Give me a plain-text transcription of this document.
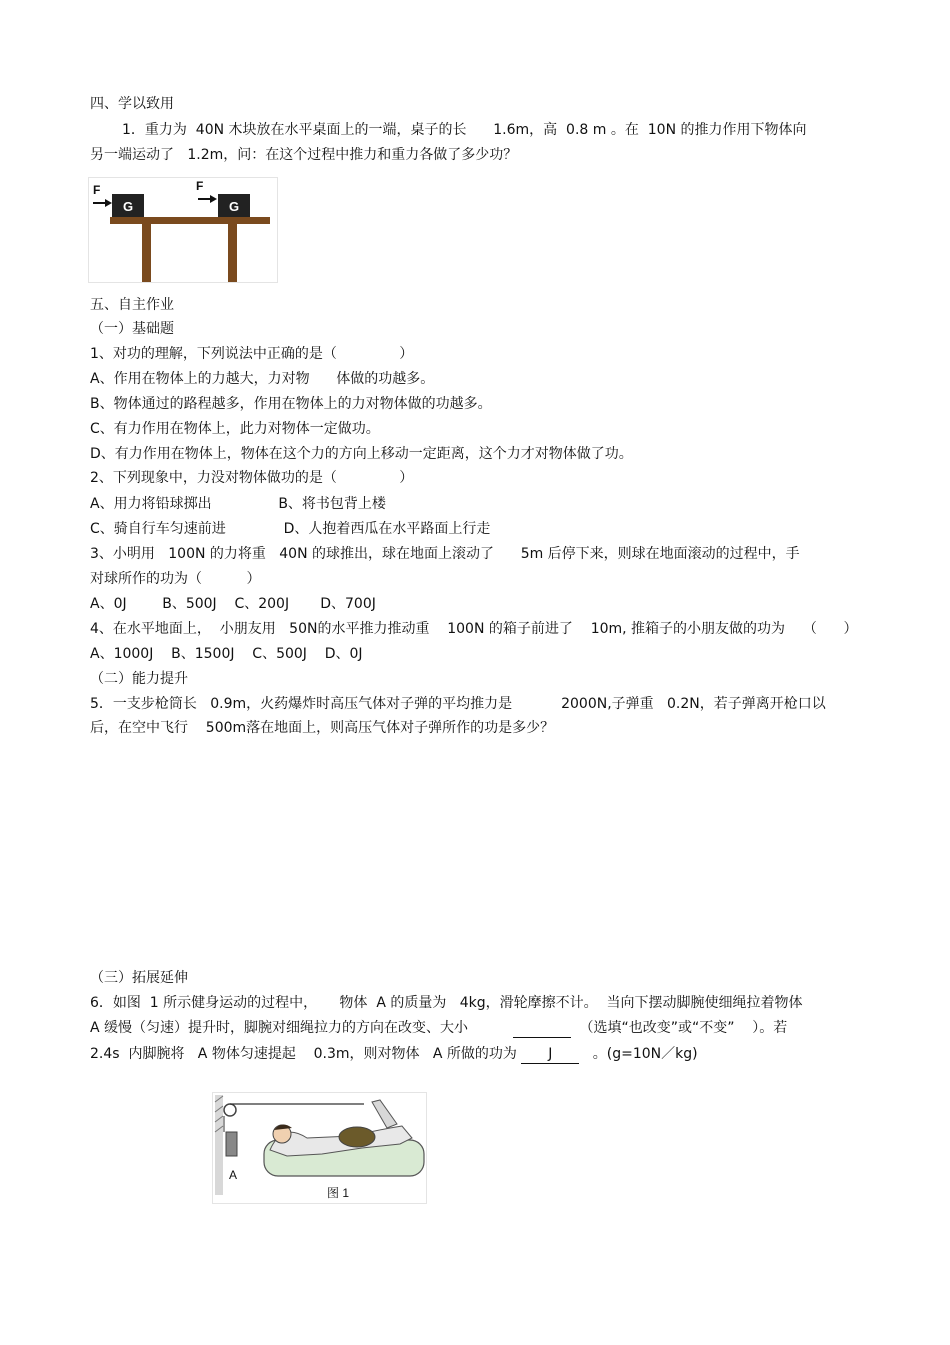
四、学以致用
1．重力为  40N 木块放在水平桌面上的一端，桌子的长      1.6m，高  0.8 m 。在  10N 的推力作用下物体向
另一端运动了   1.2m，问：在这个过程中推力和重力各做了多少功？
F	F
G	G
五、自主作业
（一）基础题
1、对功的理解，下列说法中正确的是（              ）
A、作用在物体上的力越大，力对物      体做的功越多。
B、物体通过的路程越多，作用在物体上的力对物体做的功越多。
C、有力作用在物体上，此力对物体一定做功。
D、有力作用在物体上，物体在这个力的方向上移动一定距离，这个力才对物体做了功。
2、下列现象中，力没对物体做功的是（              ）
A、用力将铅球掷出               B、将书包背上楼
C、骑自行车匀速前进             D、人抱着西瓜在水平路面上行走
3、小明用   100N 的力将重   40N 的球推出，球在地面上滚动了      5m 后停下来，则球在地面滚动的过程中，手
对球所作的功为（          ）
A、0J        B、500J    C、200J       D、700J
4、在水平地面上，  小朋友用   50N的水平推力推动重    100N 的箱子前进了    10m, 推箱子的小朋友做的功为    （      ）
A、1000J    B、1500J    C、500J    D、0J
（二）能力提升
5．一支步枪筒长   0.9m，火药爆炸时高压气体对子弹的平均推力是           2000N,子弹重   0.2N，若子弹离开枪口以
后，在空中飞行    500m落在地面上，则高压气体对子弹所作的功是多少？
（三）拓展延伸
6．如图  1 所示健身运动的过程中，     物体  A 的质量为   4kg，滑轮摩擦不计。  当向下摆动脚腕使细绳拉着物体
A 缓慢（匀速）提升时，脚腕对细绳拉力的方向在改变、大小	（选填“也改变”或“不变”    ）。若
2.4s  内脚腕将   A 物体匀速提起    0.3m，则对物体   A 所做的功为 J	。(g=10N／kg)
A
图 1
